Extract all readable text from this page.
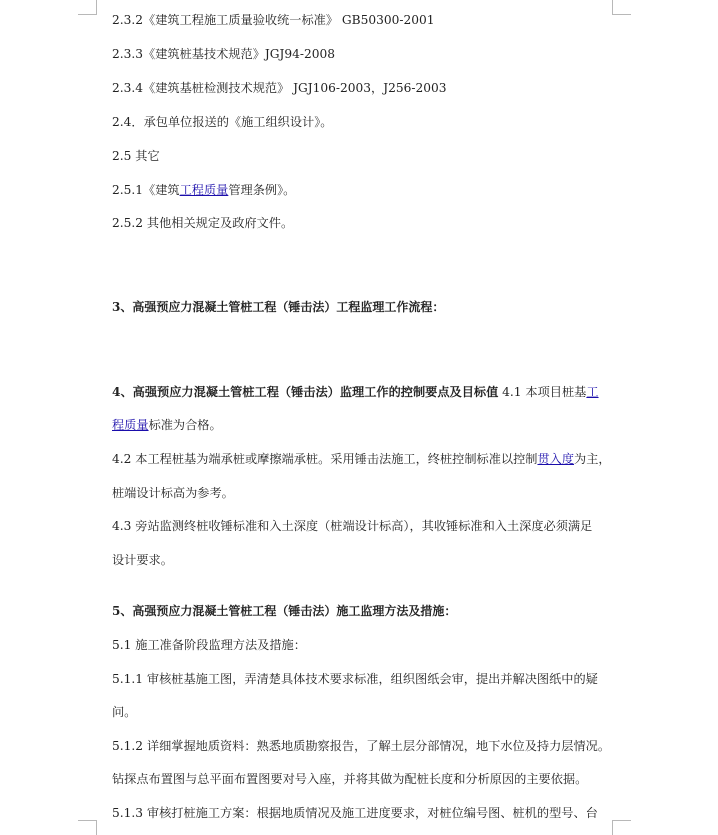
2.3.2《建筑工程施工质量验收统一标准》 GB50300-2001
2.3.3《建筑桩基技术规范》JGJ94-2008
2.3.4《建筑基桩检测技术规范》 JGJ106-2003，J256-2003
2.4．承包单位报送的《施工组织设计》。
2.5 其它
2.5.1《建筑工程质量管理条例》。
2.5.2 其他相关规定及政府文件。
3、高强预应力混凝土管桩工程（锤击法）工程监理工作流程：
4、高强预应力混凝土管桩工程（锤击法）监理工作的控制要点及目标值 4.1 本项目桩基工
程质量标准为合格。
4.2 本工程桩基为端承桩或摩擦端承桩。采用锤击法施工，终桩控制标准以控制贯入度为主，
桩端设计标高为参考。
4.3 旁站监测终桩收锤标准和入土深度（桩端设计标高），其收锤标准和入土深度必须满足
设计要求。
5、高强预应力混凝土管桩工程（锤击法）施工监理方法及措施：
5.1 施工准备阶段监理方法及措施：
5.1.1 审核桩基施工图，弄清楚具体技术要求标准，组织图纸会审，提出并解决图纸中的疑
问。
5.1.2 详细掌握地质资料：熟悉地质勘察报告，了解土层分部情况，地下水位及持力层情况。
钻探点布置图与总平面布置图要对号入座，并将其做为配桩长度和分析原因的主要依据。
5.1.3 审核打桩施工方案：根据地质情况及施工进度要求，对桩位编号图、桩机的型号、台
